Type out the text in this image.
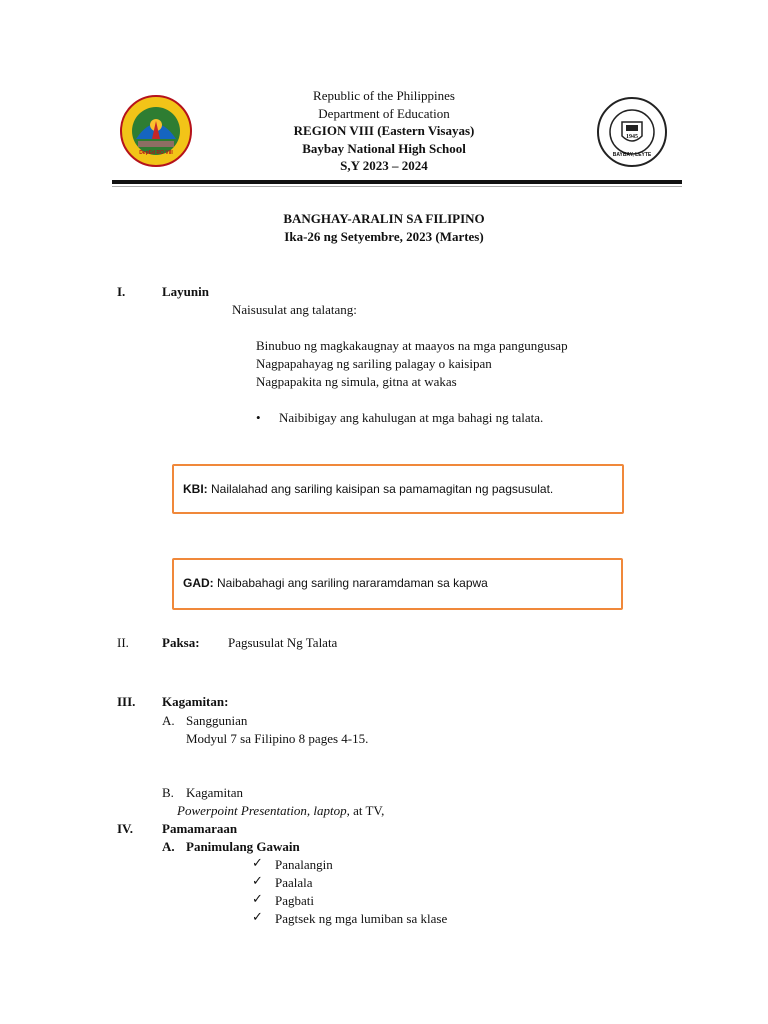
DepEd RO VIII
1945
BAYBAY, LEYTE
Republic of the Philippines
Department of Education
REGION VIII (Eastern Visayas)
Baybay National High School
S,Y 2023 – 2024
BANGHAY-ARALIN SA FILIPINO
Ika-26 ng Setyembre, 2023 (Martes)
I.	Layunin
Naisusulat ang talatang:
Binubuo ng magkakaugnay at maayos na mga pangungusap
Nagpapahayag ng sariling palagay o kaisipan
Nagpapakita ng simula, gitna at wakas
• Naibibigay ang kahulugan at mga bahagi ng talata.
KBI: Nailalahad ang sariling kaisipan sa pamamagitan ng pagsusulat.
GAD: Naibabahagi ang sariling nararamdaman sa kapwa
II.	Paksa: Pagsusulat Ng Talata
III. Kagamitan:
A. Sanggunian
Modyul 7 sa Filipino 8 pages 4-15.
B. Kagamitan
Powerpoint Presentation, laptop, at TV,
IV. Pamamaraan
A. Panimulang Gawain
✓ Panalangin
✓ Paalala
✓ Pagbati
✓ Pagtsek ng mga lumiban sa klase
